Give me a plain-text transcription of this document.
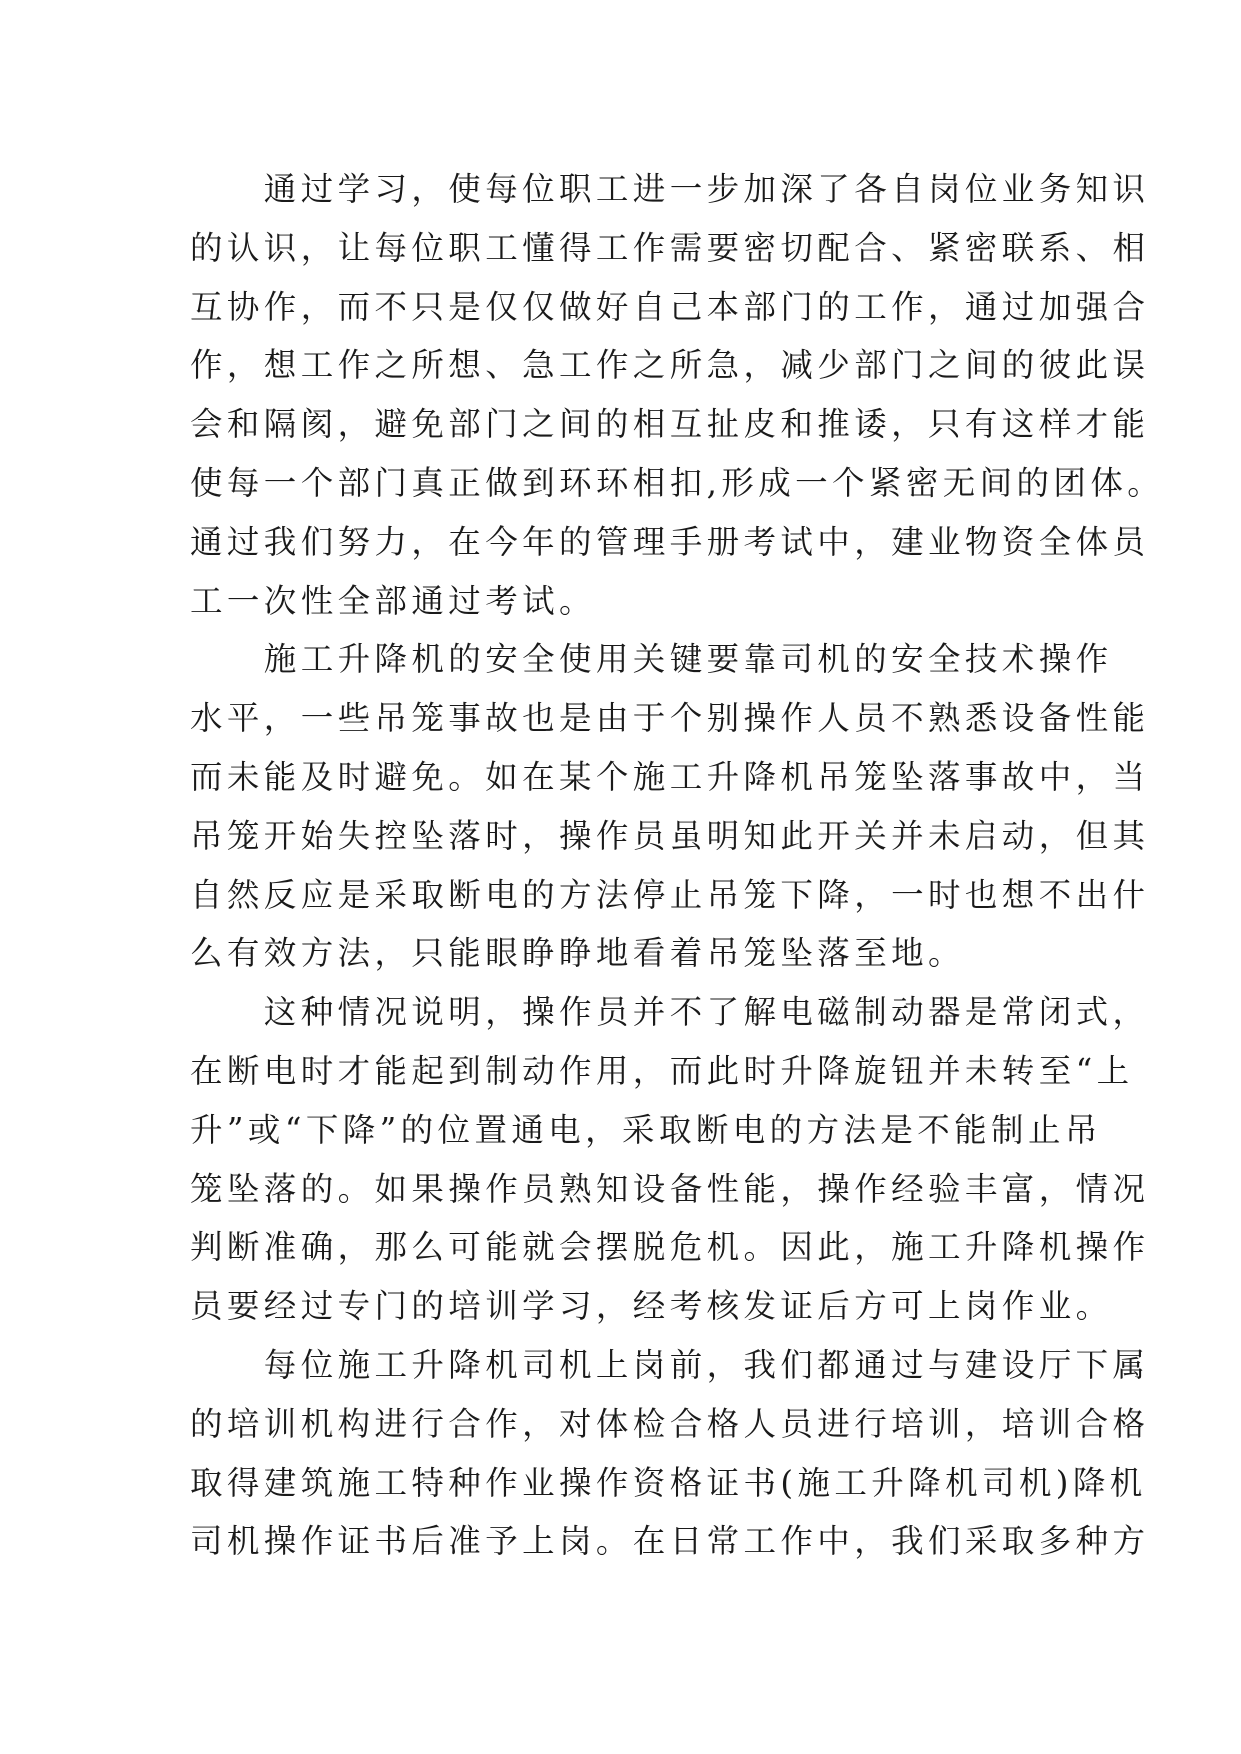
　　通过学习，使每位职工进一步加深了各自岗位业务知识
的认识，让每位职工懂得工作需要密切配合、紧密联系、相
互协作，而不只是仅仅做好自己本部门的工作，通过加强合
作，想工作之所想、急工作之所急，减少部门之间的彼此误
会和隔阂，避免部门之间的相互扯皮和推诿，只有这样才能
使每一个部门真正做到环环相扣,形成一个紧密无间的团体。
通过我们努力，在今年的管理手册考试中，建业物资全体员
工一次性全部通过考试。
　　施工升降机的安全使用关键要靠司机的安全技术操作
水平，一些吊笼事故也是由于个别操作人员不熟悉设备性能
而未能及时避免。如在某个施工升降机吊笼坠落事故中，当
吊笼开始失控坠落时，操作员虽明知此开关并未启动，但其
自然反应是采取断电的方法停止吊笼下降，一时也想不出什
么有效方法，只能眼睁睁地看着吊笼坠落至地。
　　这种情况说明，操作员并不了解电磁制动器是常闭式，
在断电时才能起到制动作用，而此时升降旋钮并未转至“上
升”或“下降”的位置通电，采取断电的方法是不能制止吊
笼坠落的。如果操作员熟知设备性能，操作经验丰富，情况
判断准确，那么可能就会摆脱危机。因此，施工升降机操作
员要经过专门的培训学习，经考核发证后方可上岗作业。
　　每位施工升降机司机上岗前，我们都通过与建设厅下属
的培训机构进行合作，对体检合格人员进行培训，培训合格
取得建筑施工特种作业操作资格证书(施工升降机司机)降机
司机操作证书后准予上岗。在日常工作中，我们采取多种方
